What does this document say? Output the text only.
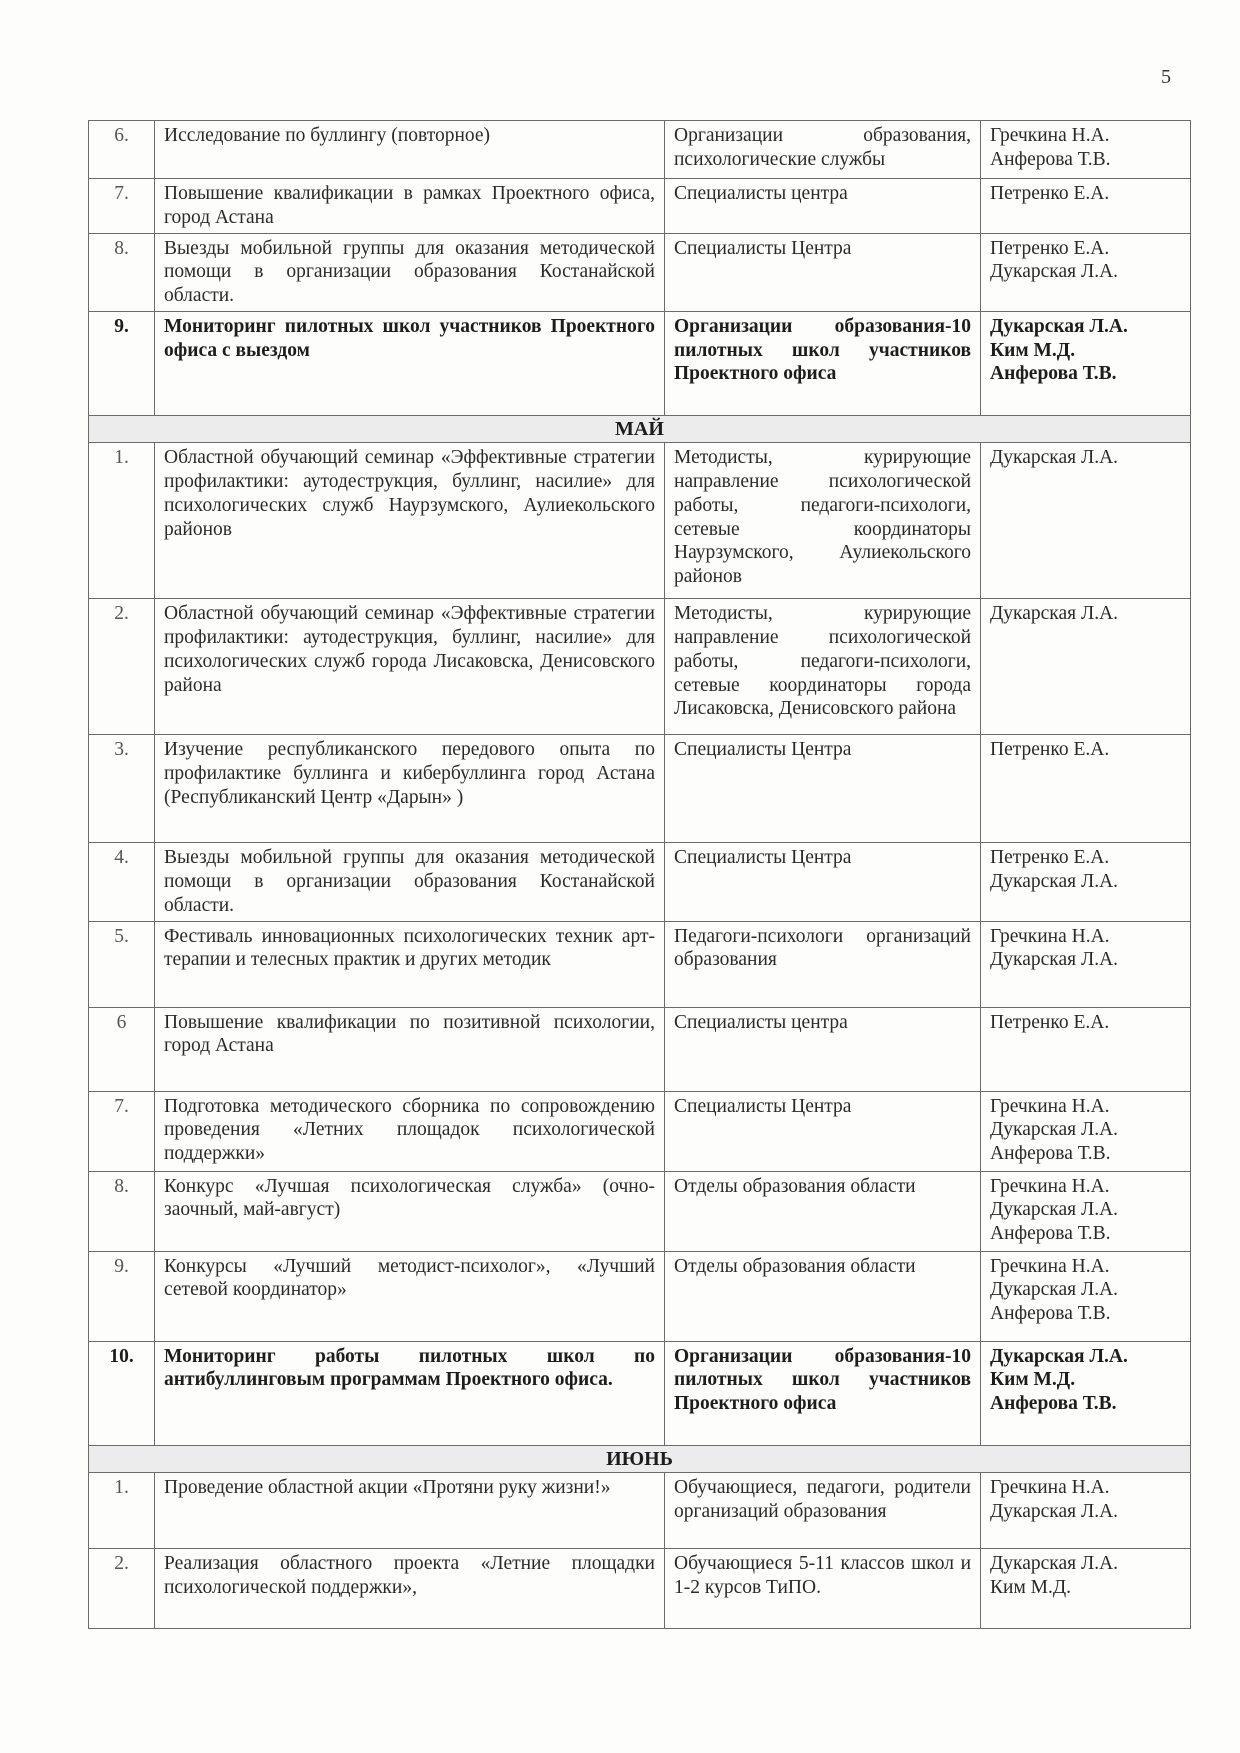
5
6.	Исследование по буллингу (повторное)	Организации образования, психологические службы	Гречкина Н.А.
Анферова Т.В.

7.	Повышение квалификации в рамках Проектного офиса, город Астана	Специалисты центра	Петренко Е.А.

8.	Выезды мобильной группы для оказания методической помощи в организации образования Костанайской области.	Специалисты Центра	Петренко Е.А.
Дукарская Л.А.

9.	Мониторинг пилотных школ участников Проектного офиса с выездом	Организации образования-10 пилотных школ участников Проектного офиса	Дукарская Л.А.
Ким М.Д.
Анферова Т.В.

МАЙ			
1.	Областной обучающий семинар «Эффективные стратегии профилактики: аутодеструкция, буллинг, насилие» для психологических служб Наурзумского, Аулиекольского районов	Методисты, курирующие направление психологической работы, педагоги-психологи, сетевые координаторы Наурзумского, Аулиекольского районов	Дукарская Л.А.

2.	Областной обучающий семинар «Эффективные стратегии профилактики: аутодеструкция, буллинг, насилие» для психологических служб города Лисаковска, Денисовского района	Методисты, курирующие направление психологической работы, педагоги-психологи, сетевые координаторы города Лисаковска, Денисовского района	Дукарская Л.А.

3.	Изучение республиканского передового опыта по профилактике буллинга и кибербуллинга город Астана (Республиканский Центр «Дарын» )	Специалисты Центра	Петренко Е.А.

4.	Выезды мобильной группы для оказания методической помощи в организации образования Костанайской области.	Специалисты Центра	Петренко Е.А.
Дукарская Л.А.

5.	Фестиваль инновационных психологических техник арт-терапии и телесных практик и других методик	Педагоги-психологи организаций образования	Гречкина Н.А.
Дукарская Л.А.

6	Повышение квалификации по позитивной психологии, город Астана	Специалисты центра	Петренко Е.А.

7.	Подготовка методического сборника по сопровождению проведения «Летних площадок психологической поддержки»	Специалисты Центра	Гречкина Н.А.
Дукарская Л.А.
Анферова Т.В.

8.	Конкурс «Лучшая психологическая служба» (очно-заочный, май-август)	Отделы образования области	Гречкина Н.А.
Дукарская Л.А.
Анферова Т.В.

9.	Конкурсы «Лучший методист-психолог», «Лучший сетевой координатор»	Отделы образования области	Гречкина Н.А.
Дукарская Л.А.
Анферова Т.В.

10.	Мониторинг работы пилотных школ по антибуллинговым программам Проектного офиса.	Организации образования-10 пилотных школ участников Проектного офиса	Дукарская Л.А.
Ким М.Д.
Анферова Т.В.

ИЮНЬ			
1.	Проведение областной акции «Протяни руку жизни!»	Обучающиеся, педагоги, родители организаций образования	Гречкина Н.А.
Дукарская Л.А.

2.	Реализация областного проекта «Летние площадки психологической поддержки»,	Обучающиеся 5-11 классов школ и 1-2 курсов ТиПО.	Дукарская Л.А.
Ким М.Д.
